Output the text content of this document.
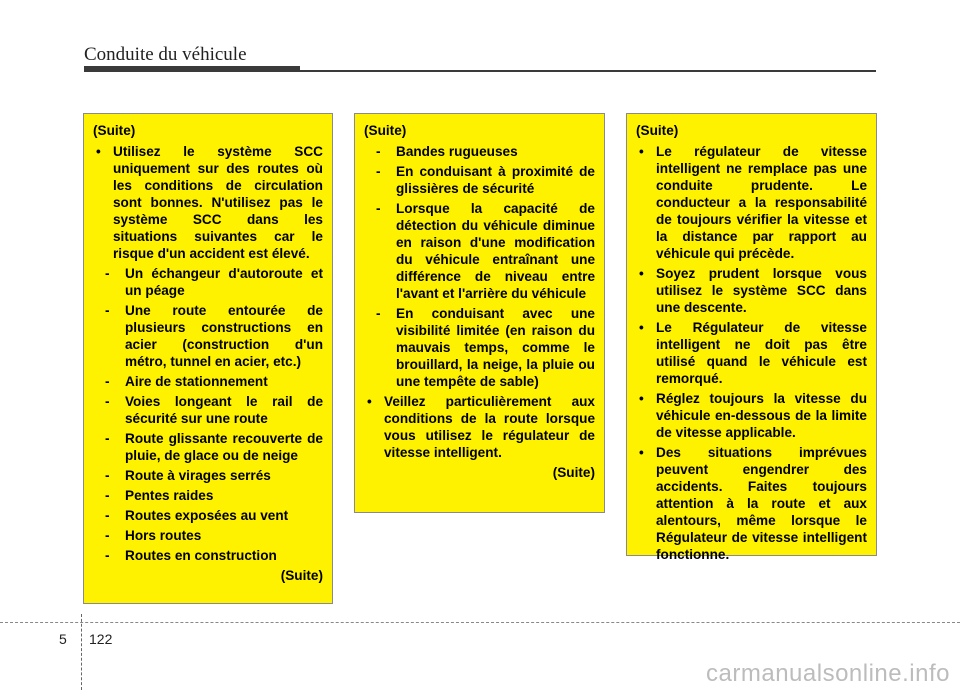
Conduite du véhicule
(Suite)
• Utilisez le système SCC uniquement sur des routes où les conditions de circulation sont bonnes. N'utilisez pas le système SCC dans les situations suivantes car le risque d'un accident est élevé.
- Un échangeur d'autoroute et un péage
- Une route entourée de plusieurs constructions en acier (construction d'un métro, tunnel en acier, etc.)
- Aire de stationnement
- Voies longeant le rail de sécurité sur une route
- Route glissante recouverte de pluie, de glace ou de neige
- Route à virages serrés
- Pentes raides
- Routes exposées au vent
- Hors routes
- Routes en construction
(Suite)
(Suite)
- Bandes rugueuses
- En conduisant à proximité de glissières de sécurité
- Lorsque la capacité de détection du véhicule diminue en raison d'une modification du véhicule entraînant une différence de niveau entre l'avant et l'arrière du véhicule
- En conduisant avec une visibilité limitée (en raison du mauvais temps, comme le brouillard, la neige, la pluie ou une tempête de sable)
• Veillez particulièrement aux conditions de la route lorsque vous utilisez le régulateur de vitesse intelligent.
(Suite)
(Suite)
• Le régulateur de vitesse intelligent ne remplace pas une conduite prudente. Le conducteur a la responsabilité de toujours vérifier la vitesse et la distance par rapport au véhicule qui précède.
• Soyez prudent lorsque vous utilisez le système SCC dans une descente.
• Le Régulateur de vitesse intelligent ne doit pas être utilisé quand le véhicule est remorqué.
• Réglez toujours la vitesse du véhicule en-dessous de la limite de vitesse applicable.
• Des situations imprévues peuvent engendrer des accidents. Faites toujours attention à la route et aux alentours, même lorsque le Régulateur de vitesse intelligent fonctionne.
5 122
carmanualsonline.info
